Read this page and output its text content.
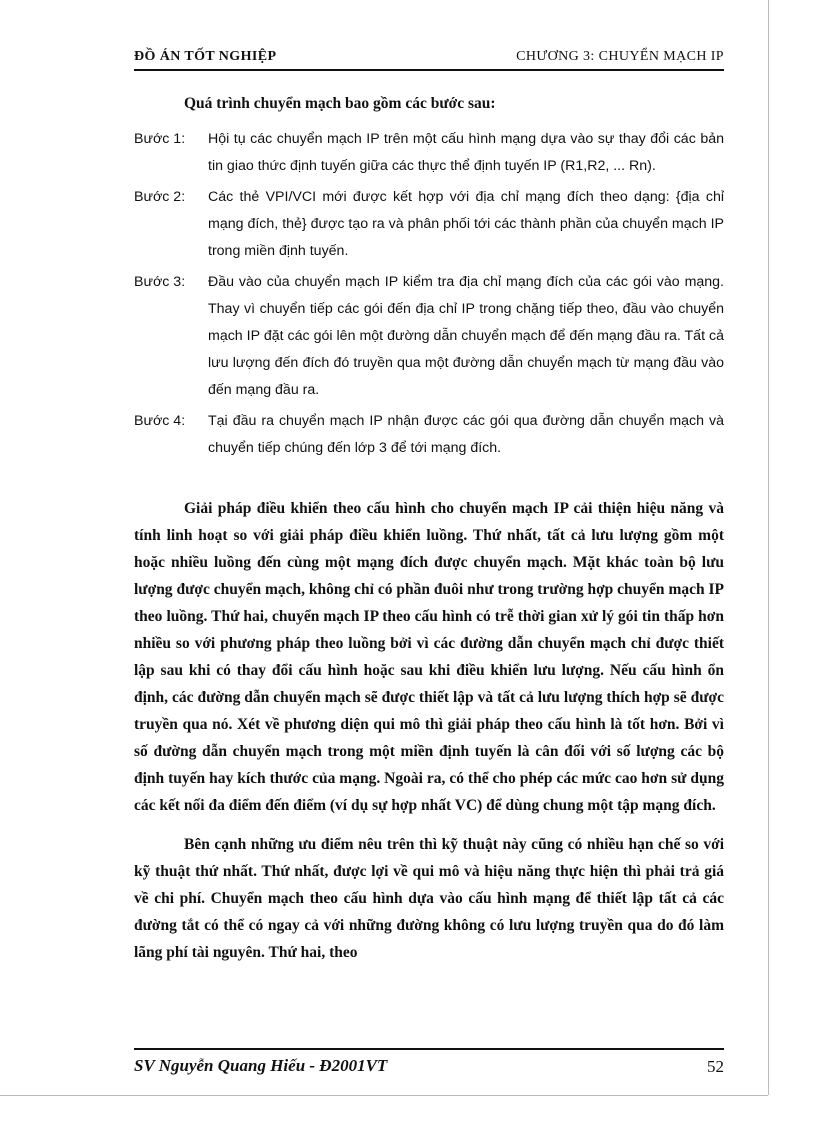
ĐỒ ÁN TỐT NGHIỆP	CHƯƠNG 3: CHUYỂN MẠCH IP
Quá trình chuyển mạch bao gồm các bước sau:
Bước 1: Hội tụ các chuyển mạch IP trên một cấu hình mạng dựa vào sự thay đổi các bản tin giao thức định tuyến giữa các thực thể định tuyến IP (R1,R2, ... Rn).
Bước 2: Các thẻ VPI/VCI mới được kết hợp với địa chỉ mạng đích theo dạng: {địa chỉ mạng đích, thẻ} được tạo ra và phân phối tới các thành phần của chuyển mạch IP trong miền định tuyến.
Bước 3: Đầu vào của chuyển mạch IP kiểm tra địa chỉ mạng đích của các gói vào mạng. Thay vì chuyển tiếp các gói đến địa chỉ IP trong chặng tiếp theo, đầu vào chuyển mạch IP đặt các gói lên một đường dẫn chuyển mạch để đến mạng đầu ra. Tất cả lưu lượng đến đích đó truyền qua một đường dẫn chuyển mạch từ mạng đầu vào đến mạng đầu ra.
Bước 4: Tại đầu ra chuyển mạch IP nhận được các gói qua đường dẫn chuyển mạch và chuyển tiếp chúng đến lớp 3 để tới mạng đích.

Giải pháp điều khiển theo cấu hình cho chuyển mạch IP cải thiện hiệu năng và tính linh hoạt so với giải pháp điều khiển luồng. Thứ nhất, tất cả lưu lượng gồm một hoặc nhiều luồng đến cùng một mạng đích được chuyển mạch. Mặt khác toàn bộ lưu lượng được chuyển mạch, không chỉ có phần đuôi như trong trường hợp chuyển mạch IP theo luồng. Thứ hai, chuyển mạch IP theo cấu hình có trễ thời gian xử lý gói tin thấp hơn nhiều so với phương pháp theo luồng bởi vì các đường dẫn chuyển mạch chỉ được thiết lập sau khi có thay đổi cấu hình hoặc sau khi điều khiển lưu lượng. Nếu cấu hình ổn định, các đường dẫn chuyển mạch sẽ được thiết lập và tất cả lưu lượng thích hợp sẽ được truyền qua nó. Xét về phương diện qui mô thì giải pháp theo cấu hình là tốt hơn. Bởi vì số đường dẫn chuyển mạch trong một miền định tuyến là cân đối với số lượng các bộ định tuyến hay kích thước của mạng. Ngoài ra, có thể cho phép các mức cao hơn sử dụng các kết nối đa điểm đến điểm (ví dụ sự hợp nhất VC) để dùng chung một tập mạng đích.

Bên cạnh những ưu điểm nêu trên thì kỹ thuật này cũng có nhiều hạn chế so với kỹ thuật thứ nhất. Thứ nhất, được lợi về qui mô và hiệu năng thực hiện thì phải trả giá về chi phí. Chuyển mạch theo cấu hình dựa vào cấu hình mạng để thiết lập tất cả các đường tắt có thể có ngay cả với những đường không có lưu lượng truyền qua do đó làm lãng phí tài nguyên. Thứ hai, theo

SV Nguyễn Quang Hiếu - Đ2001VT	52
